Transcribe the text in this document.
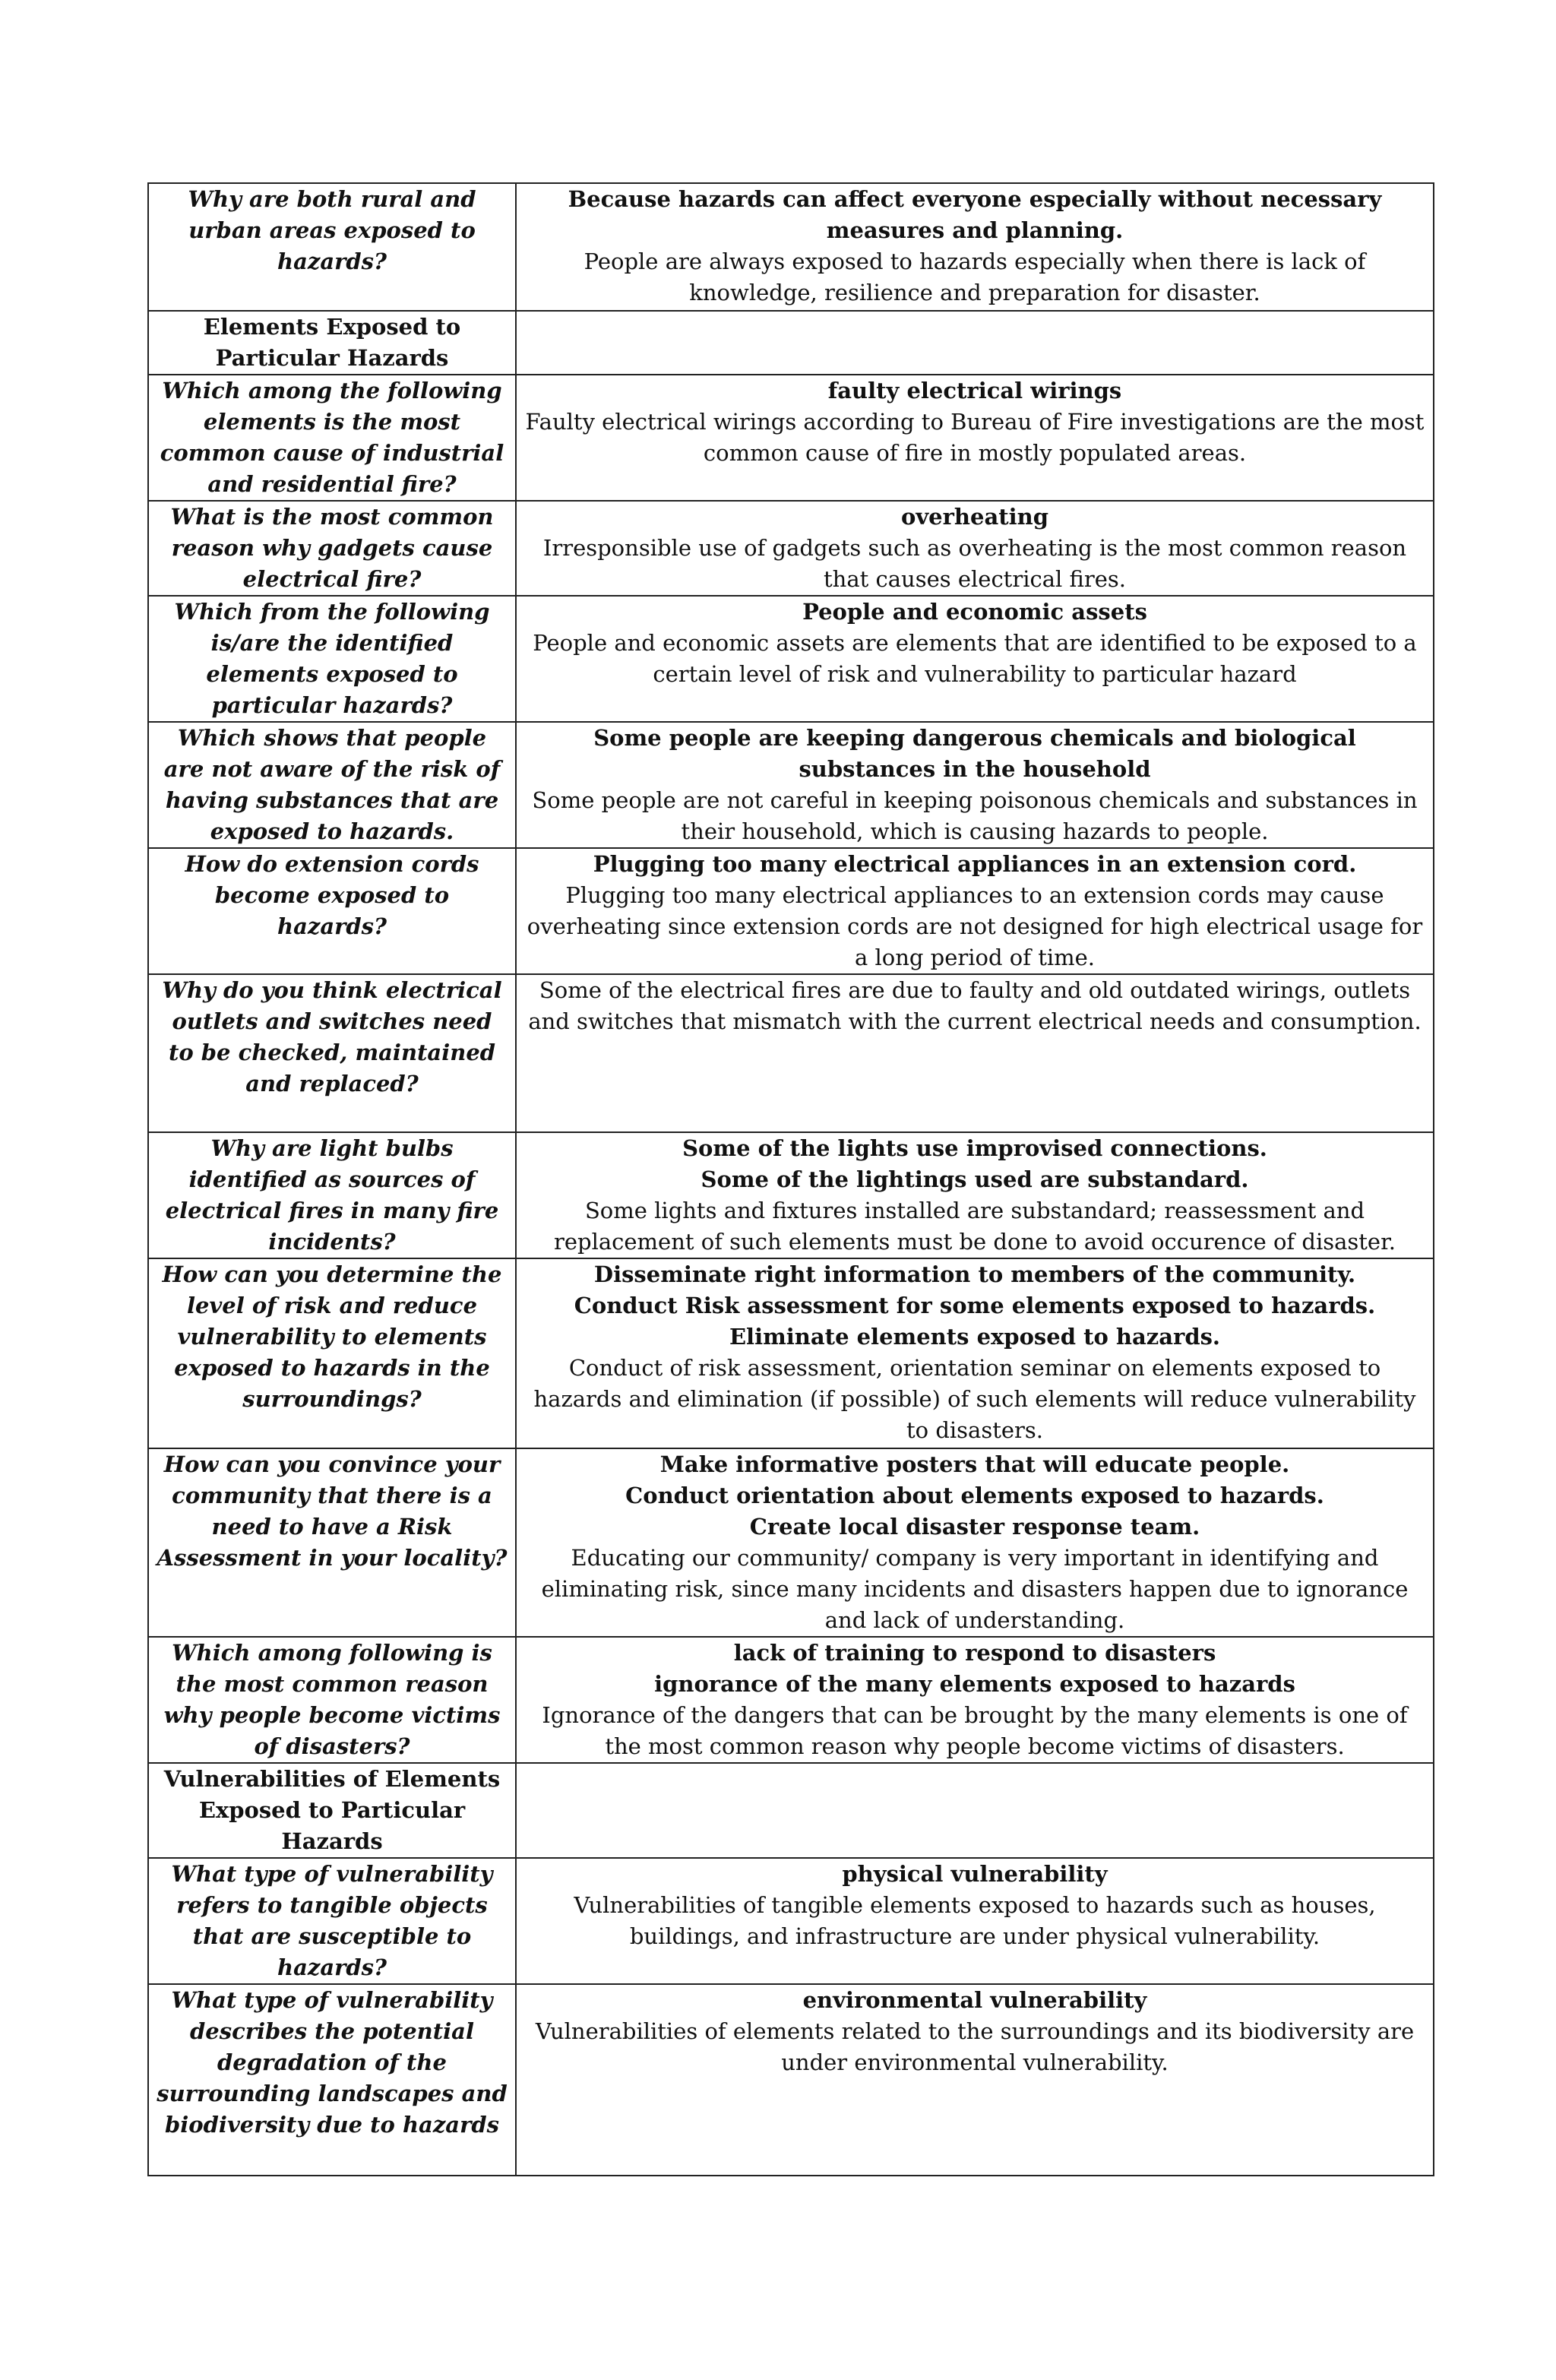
Why are both rural and urban areas exposed to hazards?	Because hazards can affect everyone especially without necessary measures and planning.
People are always exposed to hazards especially when there is lack of knowledge, resilience and preparation for disaster.

Elements Exposed to Particular Hazards	
Which among the following elements is the most common cause of industrial and residential fire?	faulty electrical wirings
Faulty electrical wirings according to Bureau of Fire investigations are the most common cause of fire in mostly populated areas.

What is the most common reason why gadgets cause electrical fire?	overheating
Irresponsible use of gadgets such as overheating is the most common reason that causes electrical fires.

Which from the following is/are the identified elements exposed to particular hazards?	People and economic assets
People and economic assets are elements that are identified to be exposed to a certain level of risk and vulnerability to particular hazard

Which shows that people are not aware of the risk of having substances that are exposed to hazards.	Some people are keeping dangerous chemicals and biological substances in the household
Some people are not careful in keeping poisonous chemicals and substances in their household, which is causing hazards to people.

How do extension cords become exposed to hazards?	Plugging too many electrical appliances in an extension cord.
Plugging too many electrical appliances to an extension cords may cause overheating since extension cords are not designed for high electrical usage for a long period of time.

Why do you think electrical outlets and switches need to be checked, maintained and replaced?	Some of the electrical fires are due to faulty and old outdated wirings, outlets and switches that mismatch with the current electrical needs and consumption.

Why are light bulbs identified as sources of electrical fires in many fire incidents?	Some of the lights use improvised connections.
Some of the lightings used are substandard.
Some lights and fixtures installed are substandard; reassessment and replacement of such elements must be done to avoid occurence of disaster.

How can you determine the level of risk and reduce vulnerability to elements exposed to hazards in the surroundings?	Disseminate right information to members of the community.
Conduct Risk assessment for some elements exposed to hazards.
Eliminate elements exposed to hazards.
Conduct of risk assessment, orientation seminar on elements exposed to hazards and elimination (if possible) of such elements will reduce vulnerability to disasters.

How can you convince your community that there is a need to have a Risk Assessment in your locality?	Make informative posters that will educate people.
Conduct orientation about elements exposed to hazards.
Create local disaster response team.
Educating our community/ company is very important in identifying and eliminating risk, since many incidents and disasters happen due to ignorance and lack of understanding.

Which among following is the most common reason why people become victims of disasters?	lack of training to respond to disasters
ignorance of the many elements exposed to hazards
Ignorance of the dangers that can be brought by the many elements is one of the most common reason why people become victims of disasters.

Vulnerabilities of Elements Exposed to Particular Hazards	
What type of vulnerability refers to tangible objects that are susceptible to hazards?	physical vulnerability
Vulnerabilities of tangible elements exposed to hazards such as houses, buildings, and infrastructure are under physical vulnerability.

What type of vulnerability describes the potential degradation of the surrounding landscapes and biodiversity due to hazards	environmental vulnerability
Vulnerabilities of elements related to the surroundings and its biodiversity are under environmental vulnerability.
